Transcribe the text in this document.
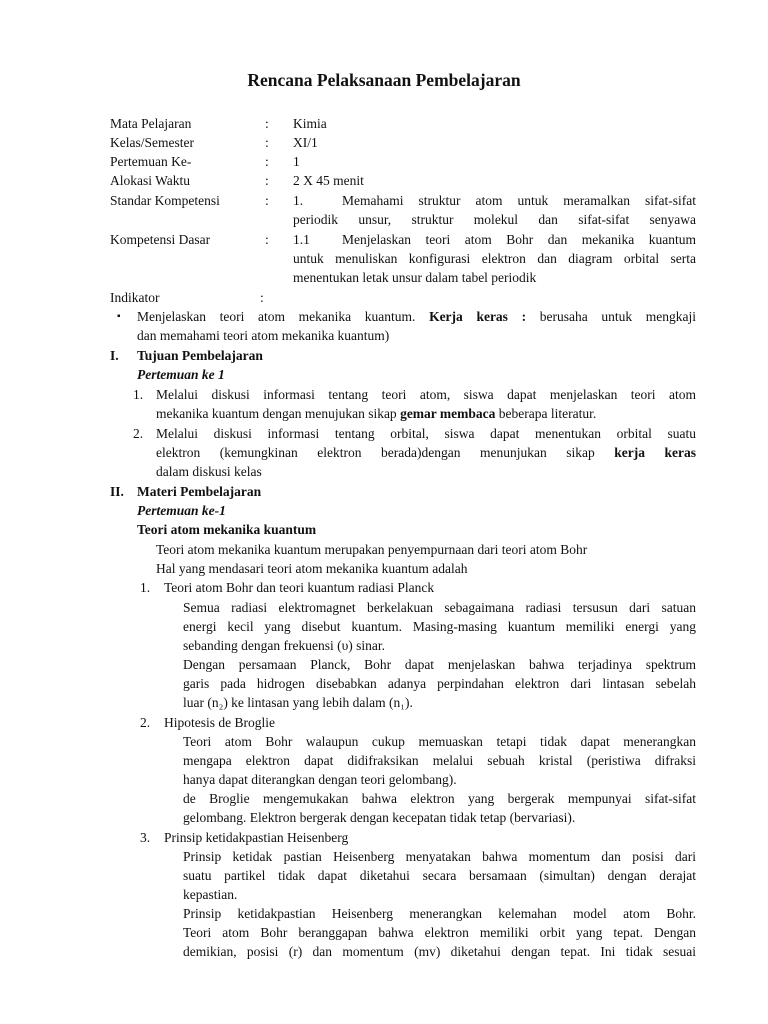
Rencana Pelaksanaan Pembelajaran
Mata Pelajaran	: Kimia
Kelas/Semester	: XI/1
Pertemuan Ke-	: 1
Alokasi Waktu	: 2 X 45 menit
Standar Kompetensi	: 1.	Memahami struktur atom untuk meramalkan sifat-sifat
periodik unsur, struktur molekul dan sifat-sifat senyawa
Kompetensi Dasar	: 1.1 Menjelaskan teori atom Bohr dan mekanika kuantum
untuk menuliskan konfigurasi elektron dan diagram orbital serta
menentukan letak unsur dalam tabel periodik
Indikator	:
▪ Menjelaskan teori atom mekanika kuantum. Kerja keras : berusaha untuk mengkaji
dan memahami teori atom mekanika kuantum)
I. Tujuan Pembelajaran
Pertemuan ke 1
1. Melalui diskusi informasi tentang teori atom, siswa dapat menjelaskan teori atom
mekanika kuantum dengan menujukan sikap gemar membaca beberapa literatur.
2. Melalui diskusi informasi tentang orbital, siswa dapat menentukan orbital suatu
elektron (kemungkinan elektron berada)dengan menunjukan sikap kerja keras
dalam diskusi kelas
II. Materi Pembelajaran
Pertemuan ke-1
Teori atom mekanika kuantum
Teori atom mekanika kuantum merupakan penyempurnaan dari teori atom Bohr
Hal yang mendasari teori atom mekanika kuantum adalah
1. Teori atom Bohr dan teori kuantum radiasi Planck
Semua radiasi elektromagnet berkelakuan sebagaimana radiasi tersusun dari satuan
energi kecil yang disebut kuantum. Masing-masing kuantum memiliki energi yang
sebanding dengan frekuensi (υ) sinar.
Dengan persamaan Planck, Bohr dapat menjelaskan bahwa terjadinya spektrum
garis pada hidrogen disebabkan adanya perpindahan elektron dari lintasan sebelah
luar (n₂) ke lintasan yang lebih dalam (n₁).
2. Hipotesis de Broglie
Teori atom Bohr walaupun cukup memuaskan tetapi tidak dapat menerangkan
mengapa elektron dapat didifraksikan melalui sebuah kristal (peristiwa difraksi
hanya dapat diterangkan dengan teori gelombang).
de Broglie mengemukakan bahwa elektron yang bergerak mempunyai sifat-sifat
gelombang. Elektron bergerak dengan kecepatan tidak tetap (bervariasi).
3. Prinsip ketidakpastian Heisenberg
Prinsip ketidak pastian Heisenberg menyatakan bahwa momentum dan posisi dari
suatu partikel tidak dapat diketahui secara bersamaan (simultan) dengan derajat
kepastian.
Prinsip ketidakpastian Heisenberg menerangkan kelemahan model atom Bohr.
Teori atom Bohr beranggapan bahwa elektron memiliki orbit yang tepat. Dengan
demikian, posisi (r) dan momentum (mv) diketahui dengan tepat. Ini tidak sesuai
